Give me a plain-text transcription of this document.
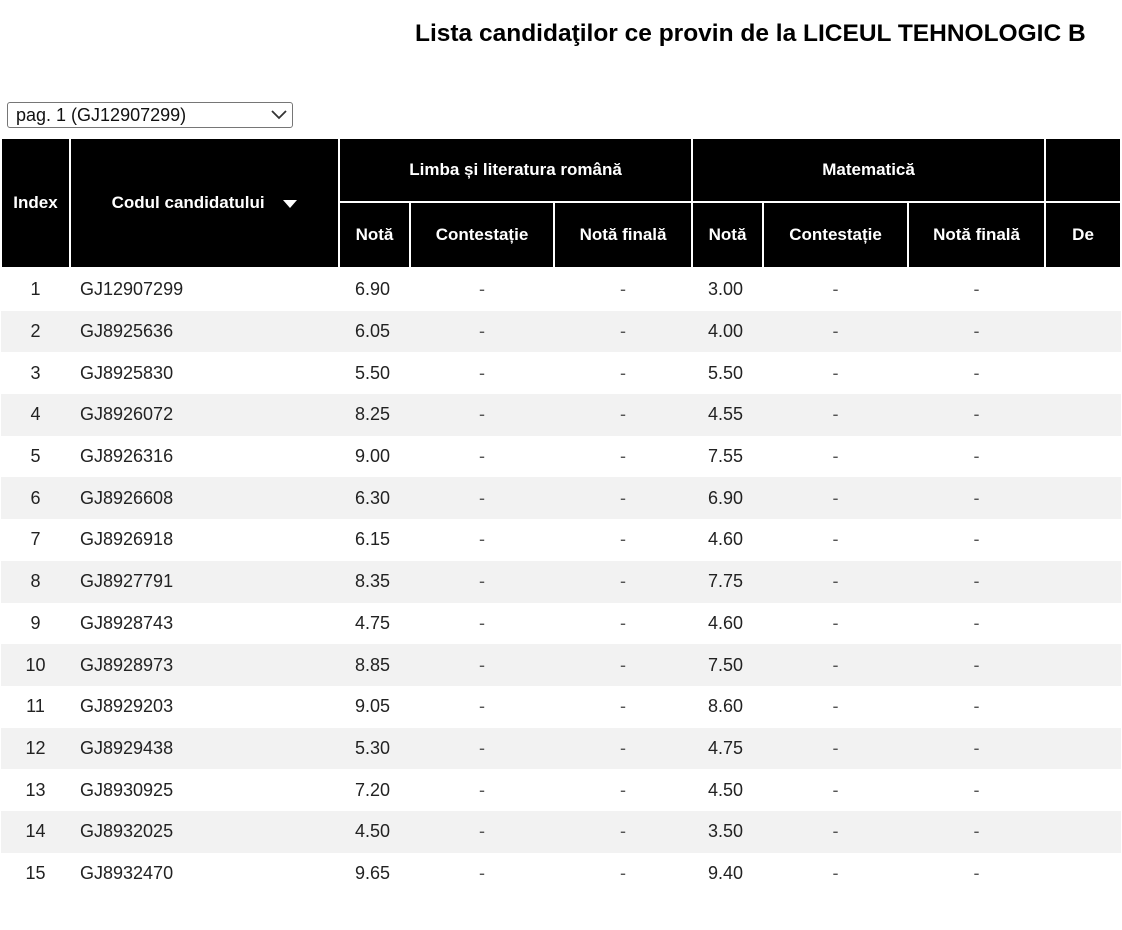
Lista candidaţilor ce provin de la LICEUL TEHNOLOGIC B
pag. 1 (GJ12907299)
Index	Codul candidatului	Limba și literatura română			Matematică			
		Notă	Contestație	Notă finală	Notă	Contestație	Notă finală	De
1	GJ12907299	6.90	-	-	3.00	-	-	
2	GJ8925636	6.05	-	-	4.00	-	-	
3	GJ8925830	5.50	-	-	5.50	-	-	
4	GJ8926072	8.25	-	-	4.55	-	-	
5	GJ8926316	9.00	-	-	7.55	-	-	
6	GJ8926608	6.30	-	-	6.90	-	-	
7	GJ8926918	6.15	-	-	4.60	-	-	
8	GJ8927791	8.35	-	-	7.75	-	-	
9	GJ8928743	4.75	-	-	4.60	-	-	
10	GJ8928973	8.85	-	-	7.50	-	-	
11	GJ8929203	9.05	-	-	8.60	-	-	
12	GJ8929438	5.30	-	-	4.75	-	-	
13	GJ8930925	7.20	-	-	4.50	-	-	
14	GJ8932025	4.50	-	-	3.50	-	-	
15	GJ8932470	9.65	-	-	9.40	-	-	
